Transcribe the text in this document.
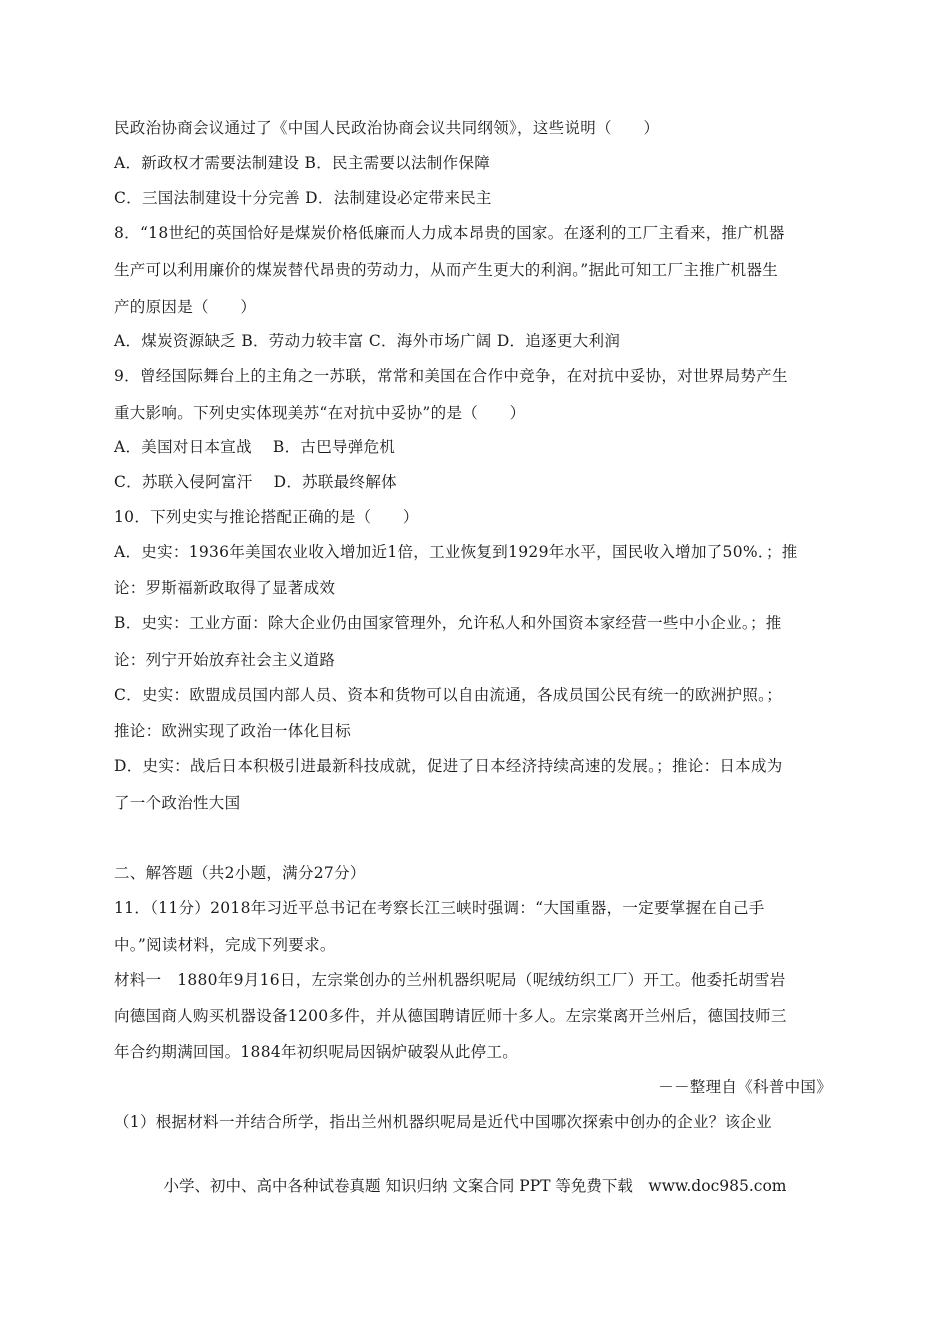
民政治协商会议通过了《中国人民政治协商会议共同纲领》，这些说明（　　）
A．新政权才需要法制建设 B．民主需要以法制作保障
C．三国法制建设十分完善 D．法制建设必定带来民主
8．“18世纪的英国恰好是煤炭价格低廉而人力成本昂贵的国家。在逐利的工厂主看来，推广机器
生产可以利用廉价的煤炭替代昂贵的劳动力，从而产生更大的利润。”据此可知工厂主推广机器生
产的原因是（　　）
A．煤炭资源缺乏 B．劳动力较丰富 C．海外市场广阔 D．追逐更大利润
9．曾经国际舞台上的主角之一苏联，常常和美国在合作中竞争，在对抗中妥协，对世界局势产生
重大影响。下列史实体现美苏“在对抗中妥协”的是（　　）
A．美国对日本宣战　 B．古巴导弹危机
C．苏联入侵阿富汗　 D．苏联最终解体
10．下列史实与推论搭配正确的是（　　）
A．史实：1936年美国农业收入增加近1倍，工业恢复到1929年水平，国民收入增加了50%．；推
论：罗斯福新政取得了显著成效
B．史实：工业方面：除大企业仍由国家管理外，允许私人和外国资本家经营一些中小企业。；推
论：列宁开始放弃社会主义道路
C．史实：欧盟成员国内部人员、资本和货物可以自由流通，各成员国公民有统一的欧洲护照。；
推论：欧洲实现了政治一体化目标
D．史实：战后日本积极引进最新科技成就，促进了日本经济持续高速的发展。；推论：日本成为
了一个政治性大国
二、解答题（共2小题，满分27分）
11．（11分）2018年习近平总书记在考察长江三峡时强调：“大国重器，一定要掌握在自己手
中。”阅读材料，完成下列要求。
材料一　1880年9月16日，左宗棠创办的兰州机器织呢局（呢绒纺织工厂）开工。他委托胡雪岩
向德国商人购买机器设备1200多件，并从德国聘请匠师十多人。左宗棠离开兰州后，德国技师三
年合约期满回国。1884年初织呢局因锅炉破裂从此停工。
－－整理自《科普中国》
（1）根据材料一并结合所学，指出兰州机器织呢局是近代中国哪次探索中创办的企业？该企业
小学、初中、高中各种试卷真题 知识归纳 文案合同 PPT 等免费下载　www.doc985.com
